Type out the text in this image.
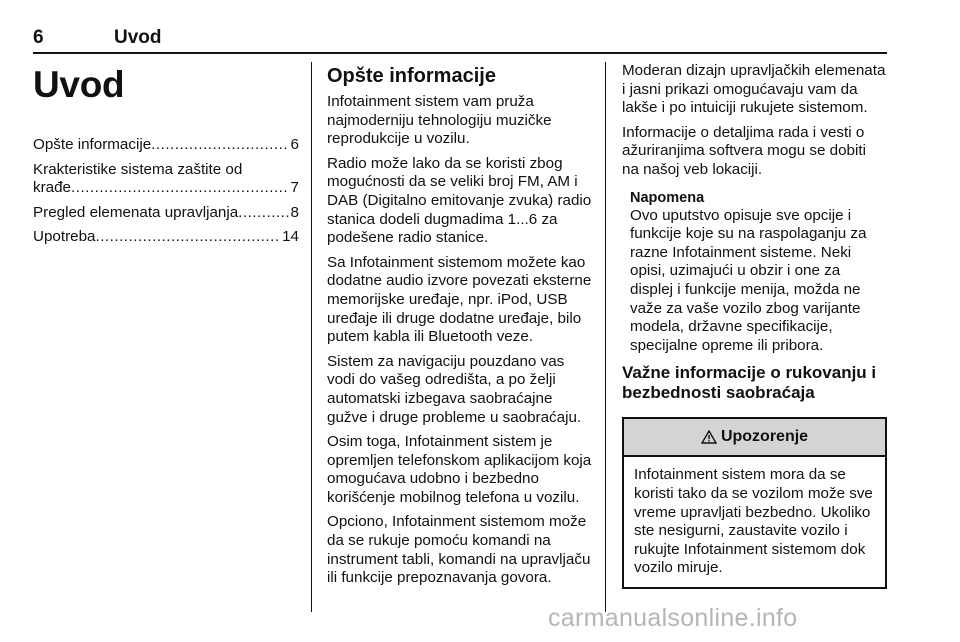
6	Uvod
Uvod
Opšte informacije .....	6
Krakteristike sistema zaštite od
krađe .....	7
Pregled elemenata upravljanja .....	8
Upotreba .....	14
Opšte informacije

Infotainment sistem vam pruža najmoderniju tehnologiju muzičke reprodukcije u vozilu.

Radio može lako da se koristi zbog mogućnosti da se veliki broj FM, AM i DAB (Digitalno emitovanje zvuka) radio stanica dodeli dugmadima 1...6 za podešene radio stanice.

Sa Infotainment sistemom možete kao dodatne audio izvore povezati eksterne memorijske uređaje, npr. iPod, USB uređaje ili druge dodatne uređaje, bilo putem kabla ili Bluetooth veze.

Sistem za navigaciju pouzdano vas vodi do vašeg odredišta, a po želji automatski izbegava saobraćajne gužve i druge probleme u saobraćaju.

Osim toga, Infotainment sistem je opremljen telefonskom aplikacijom koja omogućava udobno i bezbedno korišćenje mobilnog telefona u vozilu.

Opciono, Infotainment sistemom može da se rukuje pomoću komandi na instrument tabli, komandi na upravljaču ili funkcije prepoznavanja govora.

Moderan dizajn upravljačkih elemenata i jasni prikazi omogućavaju vam da lakše i po intuiciji rukujete sistemom.

Informacije o detaljima rada i vesti o ažuriranjima softvera mogu se dobiti na našoj veb lokaciji.

Napomena
Ovo uputstvo opisuje sve opcije i funkcije koje su na raspolaganju za razne Infotainment sisteme. Neki opisi, uzimajući u obzir i one za displej i funkcije menija, možda ne važe za vaše vozilo zbog varijante modela, državne specifikacije, specijalne opreme ili pribora.
Važne informacije o rukovanju i bezbednosti saobraćaja
Upozorenje
Infotainment sistem mora da se koristi tako da se vozilom može sve vreme upravljati bezbedno. Ukoliko ste nesigurni, zaustavite vozilo i rukujte Infotainment sistemom dok vozilo miruje.
carmanualsonline.info
